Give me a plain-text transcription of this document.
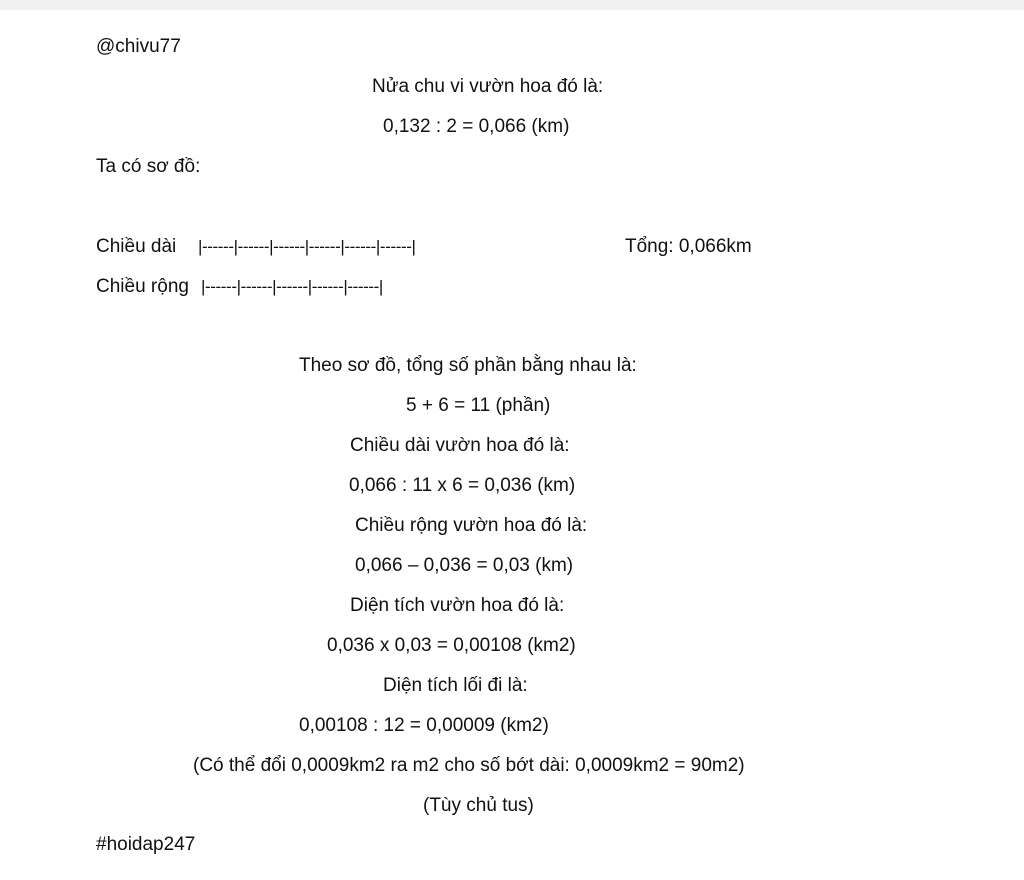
@chivu77
Nửa chu vi vườn hoa đó là:
0,132 : 2 = 0,066 (km)
Ta có sơ đồ:
Chiều dài |------|------|------|------|------|------|	Tổng: 0,066km
Chiều rộng |------|------|------|------|------|
Theo sơ đồ, tổng số phần bằng nhau là:
5 + 6 = 11 (phần)
Chiều dài vườn hoa đó là:
0,066 : 11 x 6 = 0,036 (km)
Chiều rộng vườn hoa đó là:
0,066 – 0,036 = 0,03 (km)
Diện tích vườn hoa đó là:
0,036 x 0,03 = 0,00108 (km2)
Diện tích lối đi là:
0,00108 : 12 = 0,00009 (km2)
(Có thể đổi 0,0009km2 ra m2 cho số bớt dài: 0,0009km2 = 90m2)
(Tùy chủ tus)
#hoidap247
